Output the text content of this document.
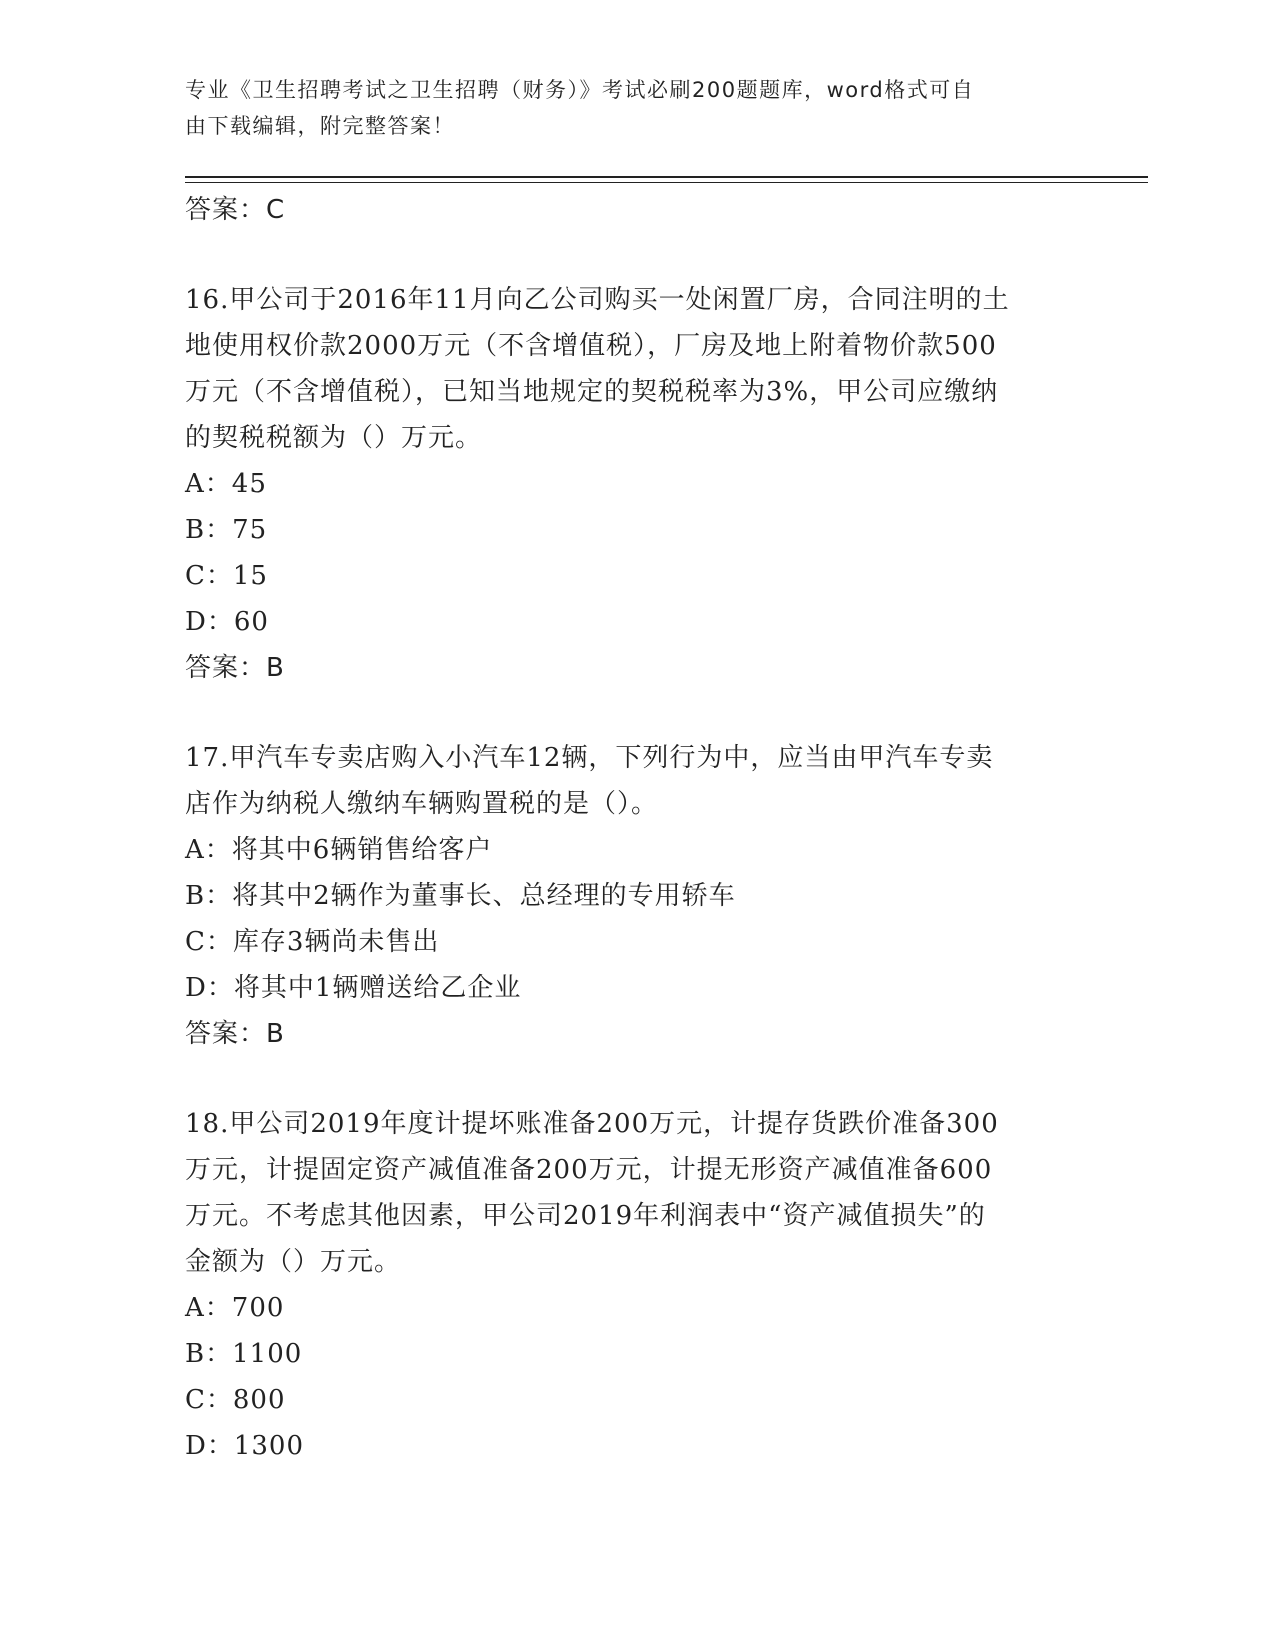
专业《卫生招聘考试之卫生招聘（财务）》考试必刷200题题库，word格式可自
由下载编辑，附完整答案！
答案：C
16.甲公司于2016年11月向乙公司购买一处闲置厂房，合同注明的土
地使用权价款2000万元（不含增值税），厂房及地上附着物价款500
万元（不含增值税），已知当地规定的契税税率为3%，甲公司应缴纳
的契税税额为（）万元。
A：45
B：75
C：15
D：60
答案：B
17.甲汽车专卖店购入小汽车12辆，下列行为中，应当由甲汽车专卖
店作为纳税人缴纳车辆购置税的是（）。
A：将其中6辆销售给客户
B：将其中2辆作为董事长、总经理的专用轿车
C：库存3辆尚未售出
D：将其中1辆赠送给乙企业
答案：B
18.甲公司2019年度计提坏账准备200万元，计提存货跌价准备300
万元，计提固定资产减值准备200万元，计提无形资产减值准备600
万元。不考虑其他因素，甲公司2019年利润表中“资产减值损失”的
金额为（）万元。
A：700
B：1100
C：800
D：1300
